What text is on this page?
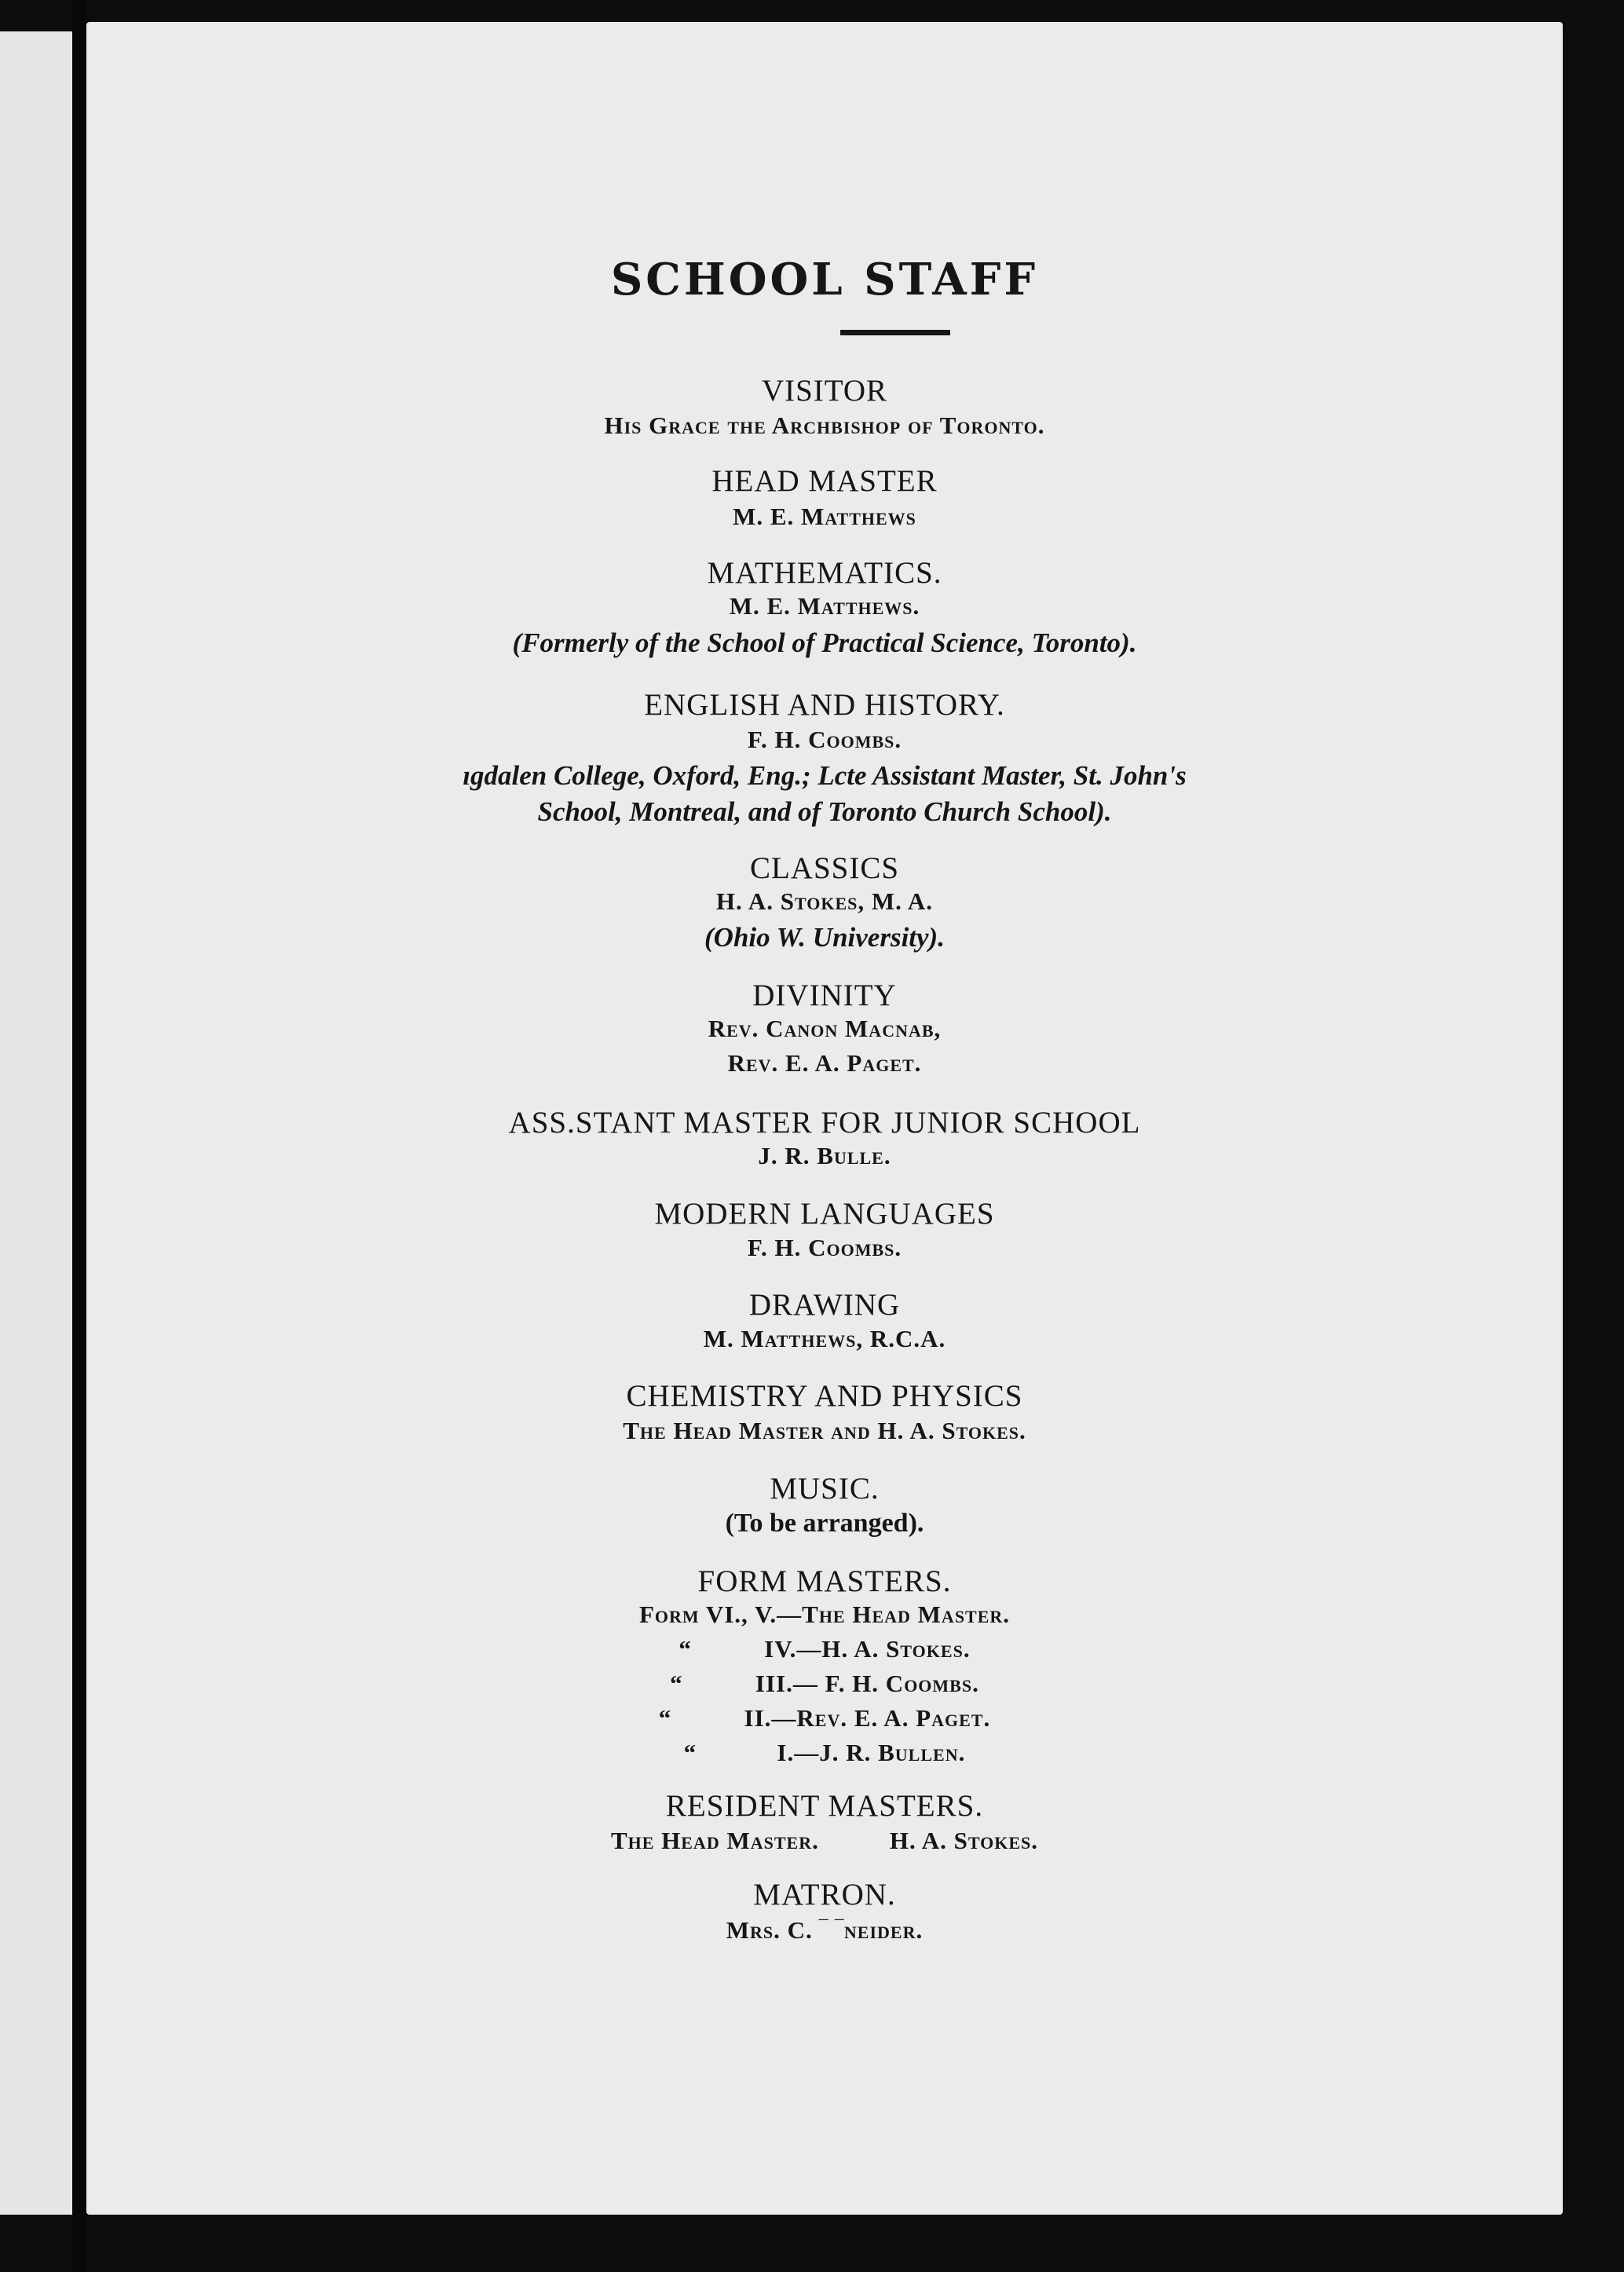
SCHOOL STAFF
VISITOR
His Grace the Archbishop of Toronto.
HEAD MASTER
M. E. Matthews
MATHEMATICS.
M. E. Matthews.
(Formerly of the School of Practical Science, Toronto).
ENGLISH AND HISTORY.
F. H. Coombs.
ıgdalen College, Oxford, Eng.; Lcte Assistant Master, St. John's
School, Montreal, and of Toronto Church School).
CLASSICS
H. A. Stokes, M. A.
(Ohio W. University).
DIVINITY
Rev. Canon Macnab,
Rev. E. A. Paget.
ASS.STANT MASTER FOR JUNIOR SCHOOL
J. R. Bulle.
MODERN LANGUAGES
F. H. Coombs.
DRAWING
M. Matthews, R.C.A.
CHEMISTRY AND PHYSICS
The Head Master and H. A. Stokes.
MUSIC.
(To be arranged).
FORM MASTERS.
Form VI., V.—The Head Master.
“	IV.—H. A. Stokes.
“	III.— F. H. Coombs.
“	II.—Rev. E. A. Paget.
“	I.—J. R. Bullen.
RESIDENT MASTERS.
The Head Master.	H. A. Stokes.
MATRON.
Mrs. C. ‾ ‾neider.
